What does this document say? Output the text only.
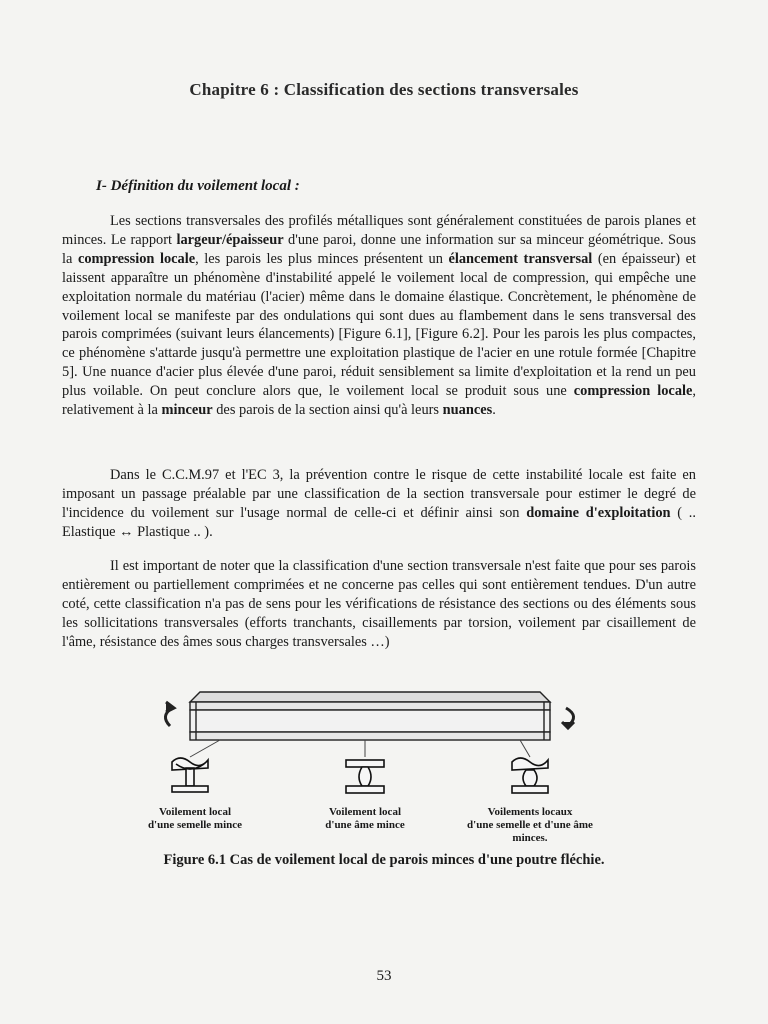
Chapitre 6 : Classification des sections transversales
I- Définition du voilement local :

Les sections transversales des profilés métalliques sont généralement constituées de parois planes et minces. Le rapport largeur/épaisseur d'une paroi, donne une information sur sa minceur géométrique. Sous la compression locale, les parois les plus minces présentent un élancement transversal (en épaisseur) et laissent apparaître un phénomène d'instabilité appelé le voilement local de compression, qui empêche une exploitation normale du matériau (l'acier) même dans le domaine élastique. Concrètement, le phénomène de voilement local se manifeste par des ondulations qui sont dues au flambement dans le sens transversal des parois comprimées (suivant leurs élancements) [Figure 6.1], [Figure 6.2]. Pour les parois les plus compactes, ce phénomène s'attarde jusqu'à permettre une exploitation plastique de l'acier en une rotule formée [Chapitre 5]. Une nuance d'acier plus élevée d'une paroi, réduit sensiblement sa limite d'exploitation et la rend un peu plus voilable. On peut conclure alors que, le voilement local se produit sous une compression locale, relativement à la minceur des parois de la section ainsi qu'à leurs nuances.

Dans le C.C.M.97 et l'EC 3, la prévention contre le risque de cette instabilité locale est faite en imposant un passage préalable par une classification de la section transversale pour estimer le degré de l'incidence du voilement sur l'usage normal de celle-ci et définir ainsi son domaine d'exploitation ( .. Elastique ↔ Plastique .. ).

Il est important de noter que la classification d'une section transversale n'est faite que pour ses parois entièrement ou partiellement comprimées et ne concerne pas celles qui sont entièrement tendues. D'un autre coté, cette classification n'a pas de sens pour les vérifications de résistance des sections ou des éléments sous les sollicitations transversales (efforts tranchants, cisaillements par torsion, voilement par cisaillement de l'âme, résistance des âmes sous charges transversales …)

Voilement local
d'une semelle mince
Voilement local
d'une âme mince
Voilements locaux
d'une semelle et d'une âme
minces.
Figure 6.1 Cas de voilement local de parois minces d'une poutre fléchie.
53
